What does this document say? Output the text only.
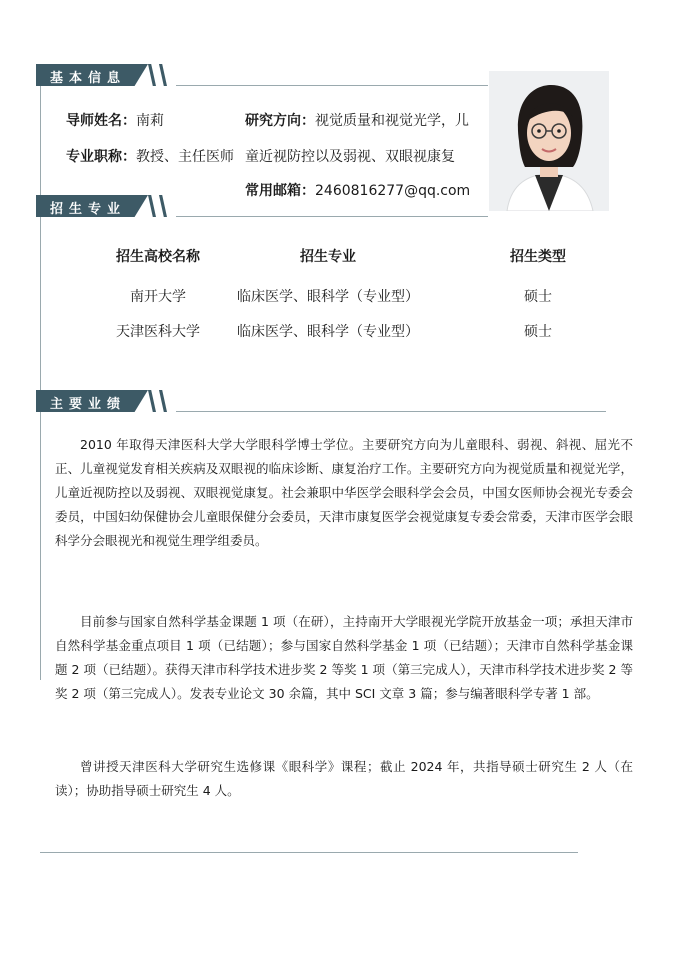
基本信息
导师姓名：南莉
专业职称：教授、主任医师
研究方向：视觉质量和视觉光学，儿
童近视防控以及弱视、双眼视康复
常用邮箱：2460816277@qq.com
招生专业
招生高校名称	招生专业	招生类型
南开大学	临床医学、眼科学（专业型）	硕士
天津医科大学	临床医学、眼科学（专业型）	硕士
主要业绩

2010 年取得天津医科大学大学眼科学博士学位。主要研究方向为儿童眼科、弱视、斜视、屈光不正、儿童视觉发育相关疾病及双眼视的临床诊断、康复治疗工作。主要研究方向为视觉质量和视觉光学，儿童近视防控以及弱视、双眼视觉康复。社会兼职中华医学会眼科学会会员，中国女医师协会视光专委会委员，中国妇幼保健协会儿童眼保健分会委员，天津市康复医学会视觉康复专委会常委，天津市医学会眼科学分会眼视光和视觉生理学组委员。

目前参与国家自然科学基金课题 1 项（在研），主持南开大学眼视光学院开放基金一项；承担天津市自然科学基金重点项目 1 项（已结题）；参与国家自然科学基金 1 项（已结题）；天津市自然科学基金课题 2 项（已结题）。获得天津市科学技术进步奖 2 等奖 1 项（第三完成人），天津市科学技术进步奖 2 等奖 2 项（第三完成人）。发表专业论文 30 余篇，其中 SCI 文章 3 篇；参与编著眼科学专著 1 部。

曾讲授天津医科大学研究生选修课《眼科学》课程；截止 2024 年，共指导硕士研究生 2 人（在读）；协助指导硕士研究生 4 人。
